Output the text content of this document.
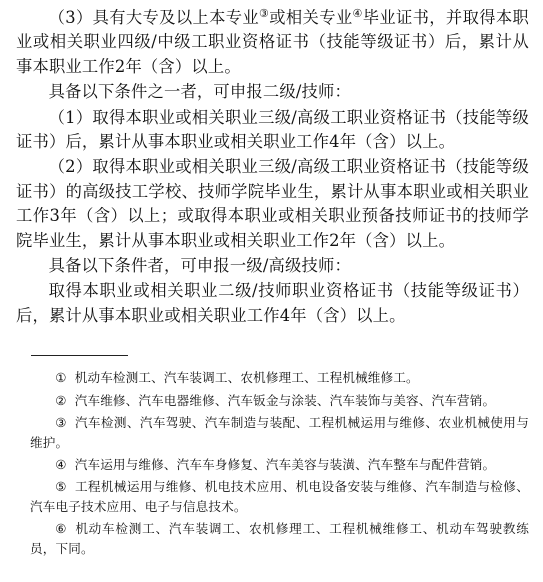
（3）具有大专及以上本专业③或相关专业④毕业证书，并取得本职业或相关职业四级/中级工职业资格证书（技能等级证书）后，累计从事本职业工作2年（含）以上。

具备以下条件之一者，可申报二级/技师：

（1）取得本职业或相关职业三级/高级工职业资格证书（技能等级证书）后，累计从事本职业或相关职业工作4年（含）以上。

（2）取得本职业或相关职业三级/高级工职业资格证书（技能等级证书）的高级技工学校、技师学院毕业生，累计从事本职业或相关职业工作3年（含）以上；或取得本职业或相关职业预备技师证书的技师学院毕业生，累计从事本职业或相关职业工作2年（含）以上。

具备以下条件者，可申报一级/高级技师：

取得本职业或相关职业二级/技师职业资格证书（技能等级证书）后，累计从事本职业或相关职业工作4年（含）以上。

① 机动车检测工、汽车装调工、农机修理工、工程机械维修工。

② 汽车维修、汽车电器维修、汽车钣金与涂装、汽车装饰与美容、汽车营销。

③ 汽车检测、汽车驾驶、汽车制造与装配、工程机械运用与维修、农业机械使用与维护。

④ 汽车运用与维修、汽车车身修复、汽车美容与装潢、汽车整车与配件营销。

⑤ 工程机械运用与维修、机电技术应用、机电设备安装与维修、汽车制造与检修、汽车电子技术应用、电子与信息技术。

⑥ 机动车检测工、汽车装调工、农机修理工、工程机械维修工、机动车驾驶教练员，下同。
